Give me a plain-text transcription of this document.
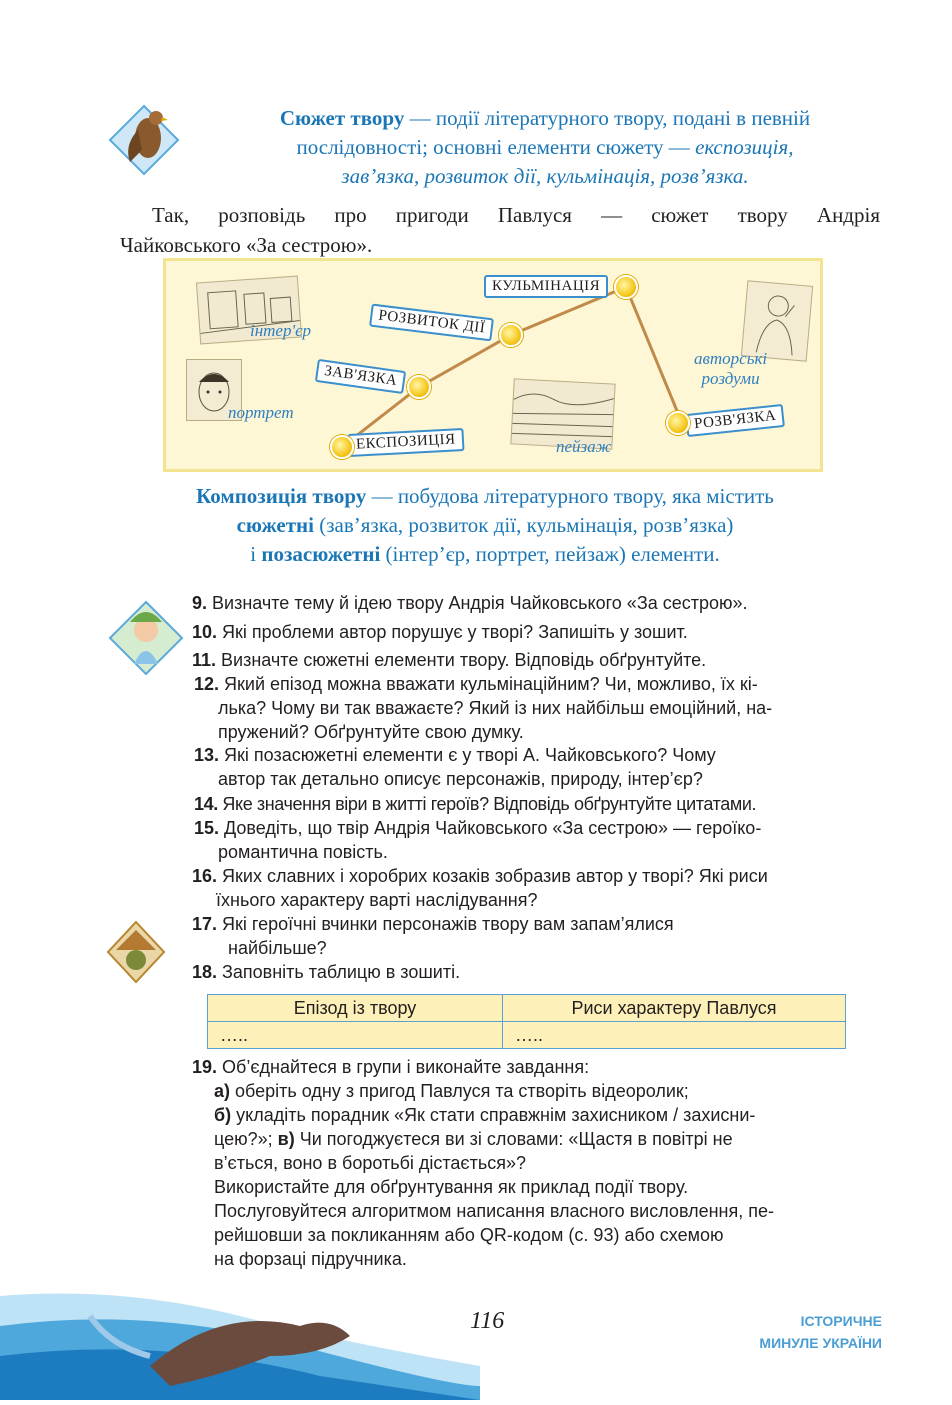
Сюжет твору — події літературного твору, подані в певній
послідовності; основні елементи сюжету — експозиція,
зав’язка, розвиток дії, кульмінація, розв’язка.
Так, розповідь про пригоди Павлуся — сюжет твору Андрія
Чайковського «За сестрою».
інтер'єр
портрет
пейзаж
авторські
роздуми
ЕКСПОЗИЦІЯ
ЗАВ'ЯЗКА
РОЗВИТОК ДІЇ
КУЛЬМІНАЦІЯ
РОЗВ'ЯЗКА
Композиція твору — побудова літературного твору, яка містить
сюжетні (зав’язка, розвиток дії, кульмінація, розв’язка)
і позасюжетні (інтер’єр, портрет, пейзаж) елементи.
9. Визначте тему й ідею твору Андрія Чайковського «За сестрою».
10. Які проблеми автор порушує у творі? Запишіть у зошит.
11. Визначте сюжетні елементи твору. Відповідь обґрунтуйте.
12. Який епізод можна вважати кульмінаційним? Чи, можливо, їх кі-
лька? Чому ви так вважаєте? Який із них найбільш емоційний, на-
пружений? Обґрунтуйте свою думку.
13. Які позасюжетні елементи є у творі А. Чайковського? Чому
автор так детально описує персонажів, природу, інтер’єр?
14. Яке значення віри в житті героїв? Відповідь обґрунтуйте цитатами.
15. Доведіть, що твір Андрія Чайковського «За сестрою» — героїко-
романтична повість.
16. Яких славних і хоробрих козаків зобразив автор у творі? Які риси
їхнього характеру варті наслідування?
17. Які героїчні вчинки персонажів твору вам запам’ялися
найбільше?
18. Заповніть таблицю в зошиті.
Епізод із твору	Риси характеру Павлуся
…..	…..
19. Об’єднайтеся в групи і виконайте завдання:
а) оберіть одну з пригод Павлуся та створіть відеоролик;
б) укладіть порадник «Як стати справжнім захисником / захисни-
цею?»; в) Чи погоджуєтеся ви зі словами: «Щастя в повітрі не
в’ється, воно в боротьбі дістається»?
Використайте для обґрунтування як приклад події твору.
Послуговуйтеся алгоритмом написання власного висловлення, пе-
рейшовши за покликанням або QR-кодом (с. 93) або схемою
на форзаці підручника.
116	ІСТОРИЧНЕ
МИНУЛЕ УКРАЇНИ
